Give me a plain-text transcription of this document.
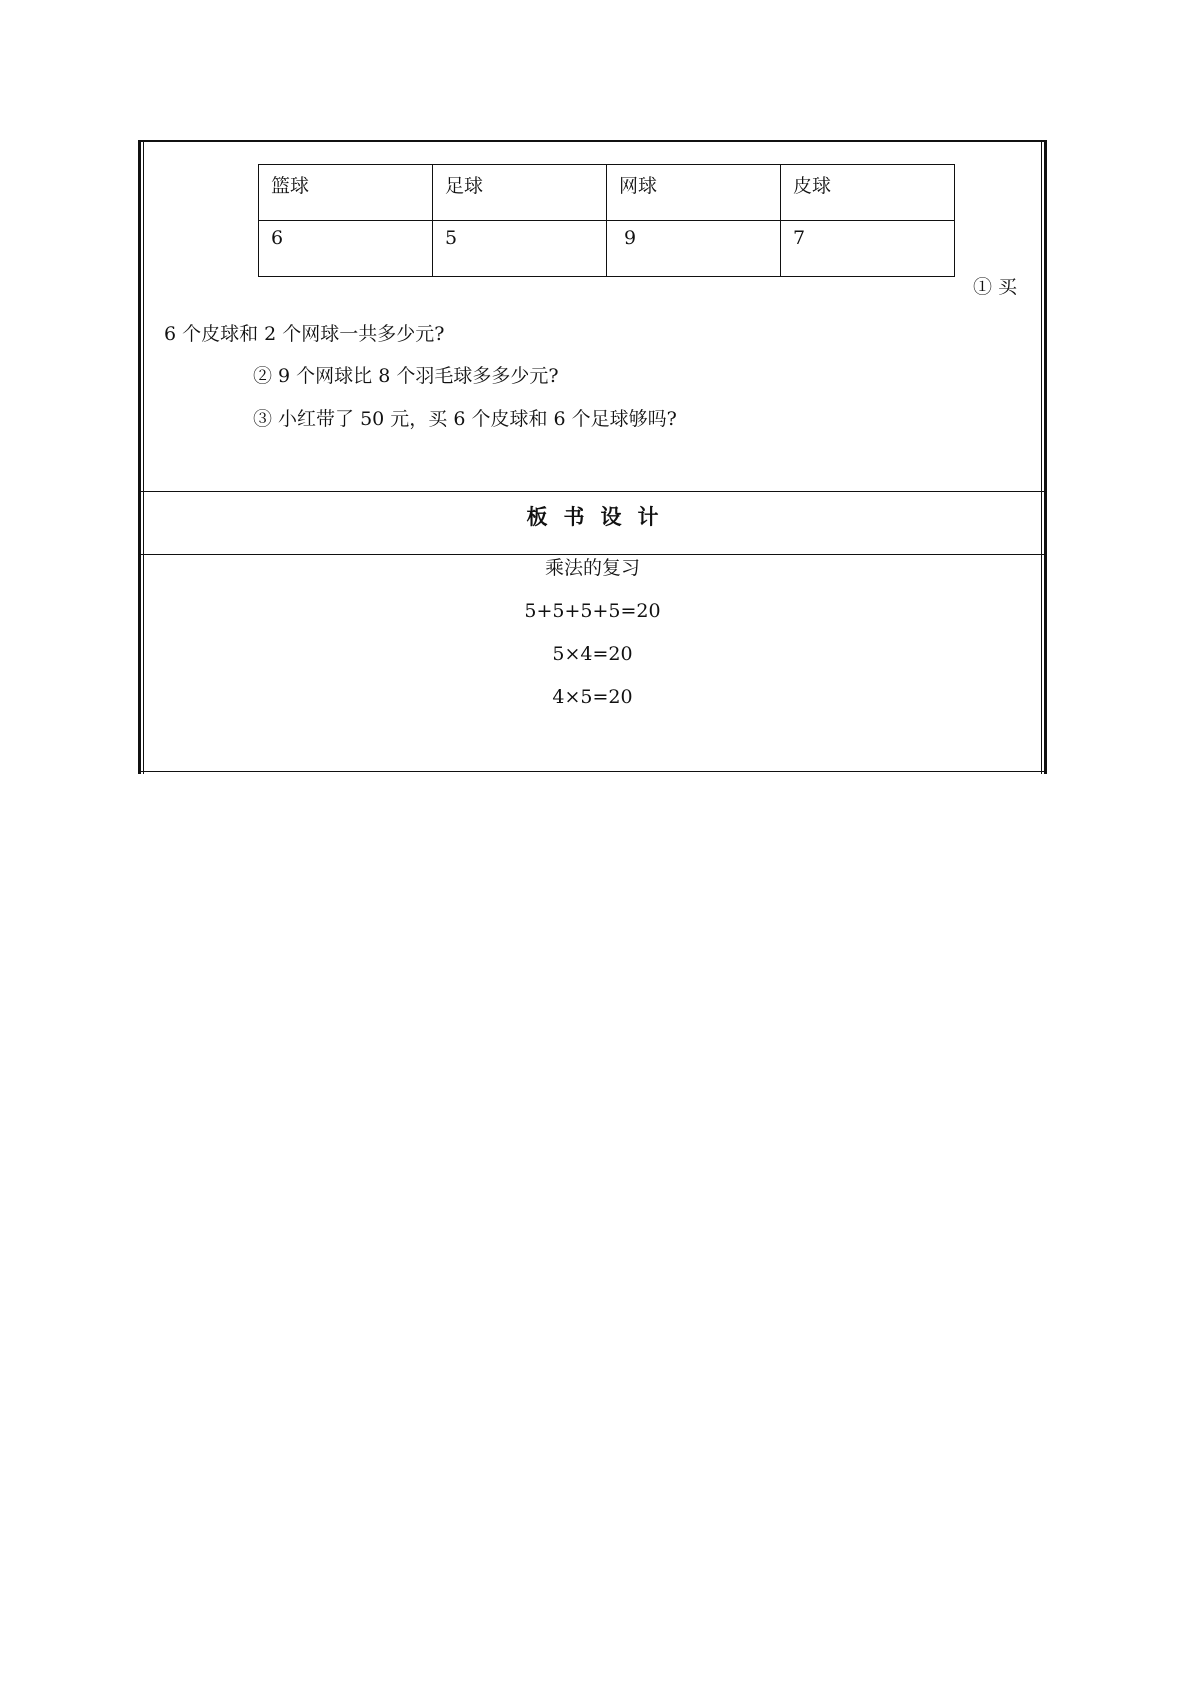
篮球	足球	网球	皮球
6	5	9	7
① 买
6 个皮球和 2 个网球一共多少元?
② 9 个网球比 8 个羽毛球多多少元?
③ 小红带了 50 元，买 6 个皮球和 6 个足球够吗?
板书设计
乘法的复习
5+5+5+5=20
5×4=20
4×5=20
